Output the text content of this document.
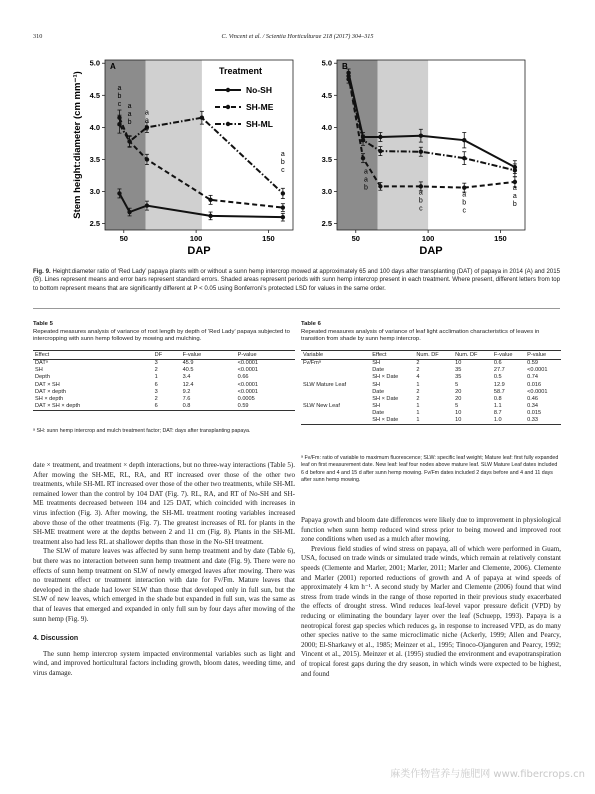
310	C. Vincent et al. / Scientia Horticulturae 218 (2017) 304–315
2.5
3.0
3.5
4.0
4.5
5.0
50	100	150
DAP
Stem height:diameter (cm mm⁻¹)
A
a
b
c a
a
b
a
a
b
a
b
c
Treatment
No-SH
SH-ME
SH-ML
2.5
3.0
3.5
4.0
4.5
5.0
50	100	150
DAP
B
a
a
b
a
b
c
a
b
c
a
a
b
Fig. 9. Height:diameter ratio of ‘Red Lady’ papaya plants with or without a sunn hemp intercrop mowed at approximately 65 and 100 days after transplanting (DAT) of papaya in 2014 (A) and 2015 (B). Lines represent means and error bars represent standard errors. Shaded areas represent periods with sunn hemp intercrop present in each treatment. Where present, different letters from top to bottom represent means that are significantly different at P < 0.05 using Bonferroni’s protected LSD for values in the same order.
Table 5
Repeated measures analysis of variance of root length by depth of ‘Red Lady’ papaya subjected to intercropping with sunn hemp followed by mowing and mulching.
Effect	DF	F-value	P-value
DATᵃ	3	45.9	<0.0001
SH	2	40.5	<0.0001
Depth	1	3.4	0.66
DAT × SH	6	12.4	<0.0001
DAT × depth	3	9.2	<0.0001
SH × depth	2	7.6	0.0005
DAT × SH × depth	6	0.8	0.59
ᵃ SH: sunn hemp intercrop and mulch treatment factor; DAT: days after transplanting papaya.
Table 6
Repeated measures analysis of variance of leaf light acclimation characteristics of leaves in transition from shade by sunn hemp intercrop.
Variable	Effect	Num. DF	Num. DF	F-value	P-value
Fv/Fmᵃ	SH	2	10	0.6	0.59
	Date	2	35	27.7	<0.0001
	SH × Date	4	35	0.5	0.74
SLW Mature Leaf	SH	1	5	12.9	0.016
	Date	2	20	58.7	<0.0001
	SH × Date	2	20	0.8	0.46
SLW New Leaf	SH	1	5	1.1	0.34
	Date	1	10	8.7	0.015
	SH × Date	1	10	1.0	0.33
ᵃ Fv/Fm: ratio of variable to maximum fluorescence; SLW: specific leaf weight; Mature leaf: first fully expanded leaf on first measurement date. New leaf: leaf four nodes above mature leaf. SLW Mature Leaf dates included 6 d before and 4 and 15 d after sunn hemp mowing. Fv/Fm dates included 2 days before and 4 and 11 days after sunn hemp mowing.

date × treatment, and treatment × depth interactions, but no three-way interactions (Table 5). After mowing the SH-ME, RL, RA, and RT increased over those of the other two treatments, while SH-ML RT increased over those of the other two treatments, while SH-ML remained lower than the control by 104 DAT (Fig. 7). RL, RA, and RT of No-SH and SH-ME treatments decreased between 104 and 125 DAT, which coincided with increases in virus infection (Fig. 3). After mowing, the SH-ML treatment rooting variables increased above those of the other treatments (Fig. 7). The greatest increases of RL for plants in the SH-ME treatment were at the depths between 2 and 11 cm (Fig. 8). Plants in the SH-ML treatment also had less RL at shallower depths than those in the No-SH treatment.

The SLW of mature leaves was affected by sunn hemp treatment and by date (Table 6), but there was no interaction between sunn hemp treatment and date (Fig. 9). There were no effects of sunn hemp treatment on SLW of newly emerged leaves after mowing. There was no treatment effect or treatment interaction with date for Fv/Fm. Mature leaves that developed in the shade had lower SLW than those that developed only in full sun, but the SLW of new leaves, which emerged in the shade but expanded in full sun, was the same as that of leaves that emerged and expanded in only full sun by four days after mowing of the sunn hemp (Fig. 9).

4. Discussion

The sunn hemp intercrop system impacted environmental variables such as light and wind, and improved horticultural factors including growth, bloom dates, weeding time, and virus damage.

Papaya growth and bloom date differences were likely due to improvement in physiological function when sunn hemp reduced wind stress prior to being mowed and improved root zone conditions when used as a mulch after mowing.

Previous field studies of wind stress on papaya, all of which were performed in Guam, USA, focused on trade winds or simulated trade winds, which remain at relatively constant speeds (Clemente and Marler, 2001; Marler, 2011; Marler and Clemente, 2006). Clemente and Marler (2001) reported reductions of growth and A of papaya at wind speeds of approximately 4 km h⁻¹. A second study by Marler and Clemente (2006) found that wind stress from trade winds in the range of those reported in their previous study exacerbated the effects of drought stress. Wind reduces leaf-level vapor pressure deficit (VPD) by reducing or eliminating the boundary layer over the leaf (Schuepp, 1993). Papaya is a neotropical forest gap species which reduces gₛ in response to increased VPD, as do many other species native to the same microclimatic niche (Ackerly, 1999; Allen and Pearcy, 2000; El-Sharkawy et al., 1985; Meinzer et al., 1995; Tinoco-Ojanguren and Pearcy, 1992; Vincent et al., 2015). Meinzer et al. (1995) studied the environment and evapotranspiration of tropical forest gaps during the dry season, in which winds were expected to be highest, and found

麻类作物营养与施肥网 www.fibercrops.cn
